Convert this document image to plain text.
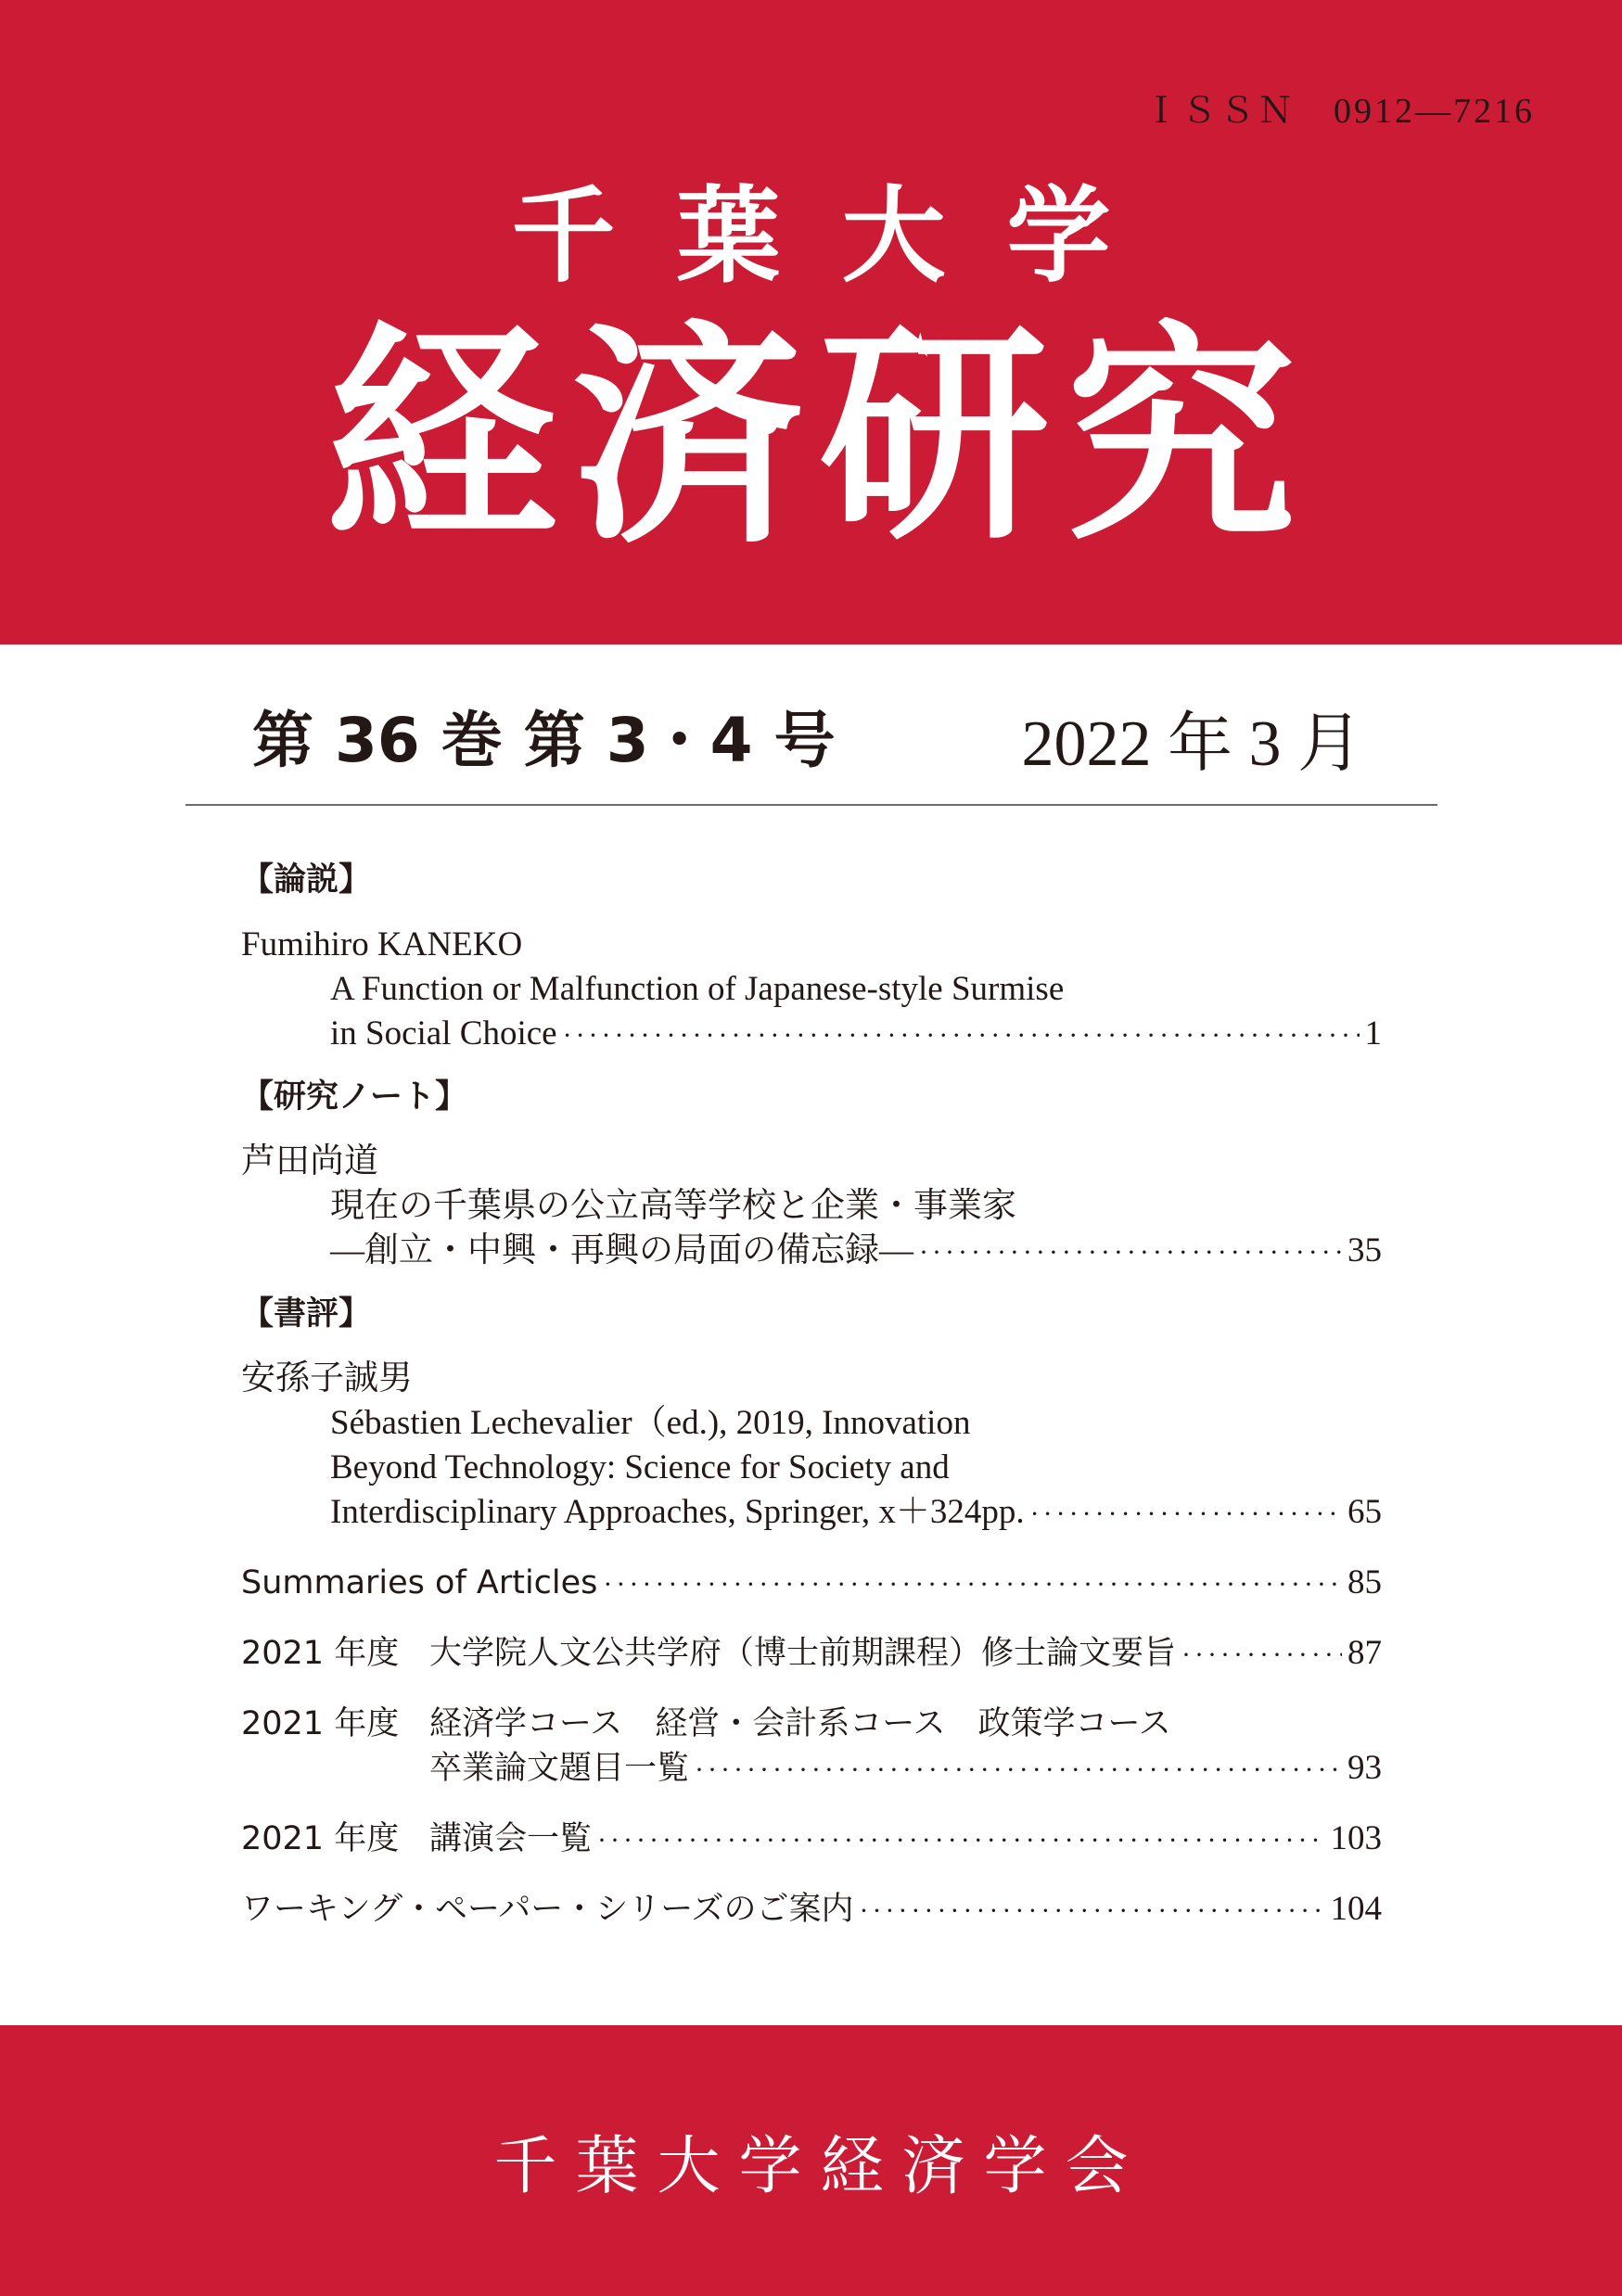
ＩＳＳＮ　0912―7216
千葉大学
経済研究
第 36 巻 第 3・4 号	2022 年 3 月
【論説】
Fumihiro KANEKO
A Function or Malfunction of Japanese-style Surmise
in Social Choice ·····	1
【研究ノート】
芦田尚道
現在の千葉県の公立高等学校と企業・事業家
―創立・中興・再興の局面の備忘録― ·····	35
【書評】
安孫子誠男
Sébastien Lechevalier（ed.), 2019, Innovation
Beyond Technology: Science for Society and
Interdisciplinary Approaches, Springer, x＋324pp. ·····	65
Summaries of Articles ·····	85
2021 年度 大学院人文公共学府（博士前期課程）修士論文要旨 ·····	87
2021 年度 経済学コース　経営・会計系コース　政策学コース
卒業論文題目一覧 ·····	93
2021 年度 講演会一覧 ·····	103
ワーキング・ペーパー・シリーズのご案内 ·····	104
千葉大学経済学会
